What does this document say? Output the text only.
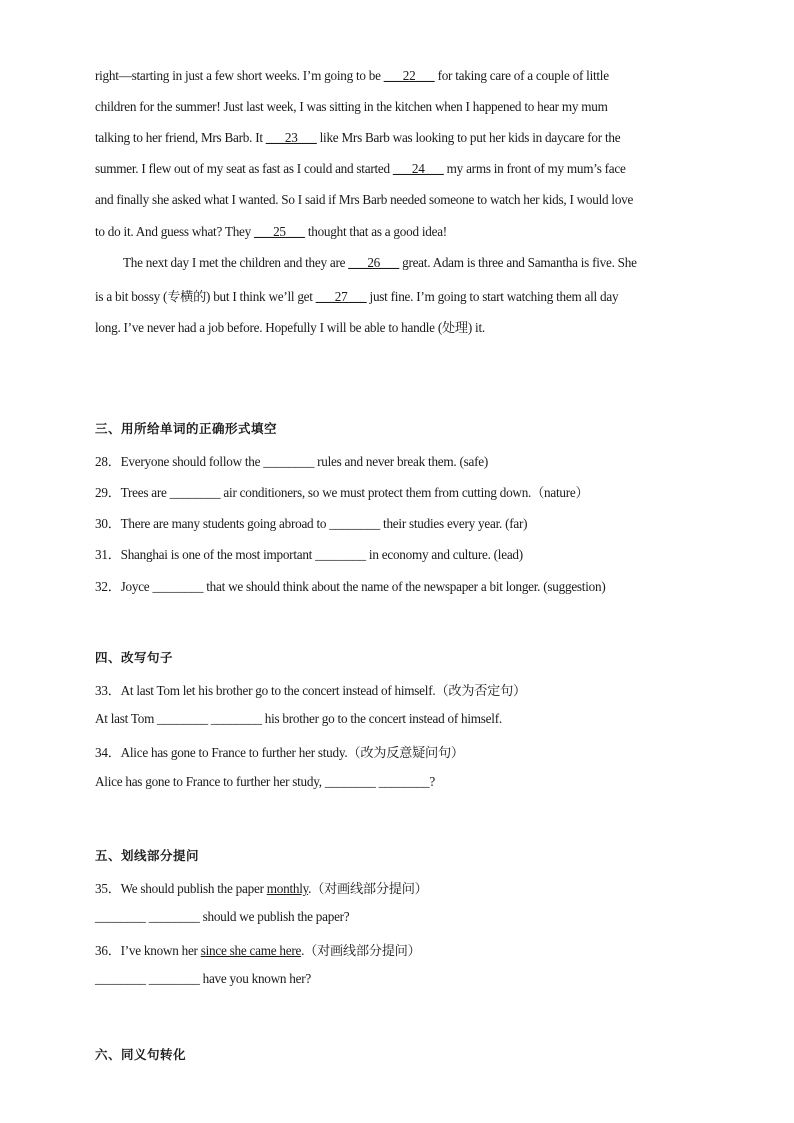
right—starting in just a few short weeks. I’m going to be ___22___ for taking care of a couple of little
children for the summer! Just last week, I was sitting in the kitchen when I happened to hear my mum
talking to her friend, Mrs Barb. It ___23___ like Mrs Barb was looking to put her kids in daycare for the
summer. I flew out of my seat as fast as I could and started ___24___ my arms in front of my mum’s face
and finally she asked what I wanted. So I said if Mrs Barb needed someone to watch her kids, I would love
to do it. And guess what? They ___25___ thought that as a good idea!
The next day I met the children and they are ___26___ great. Adam is three and Samantha is five. She
is a bit bossy (专横的) but I think we’ll get ___27___ just fine. I’m going to start watching them all day
long. I’ve never had a job before. Hopefully I will be able to handle (处理) it.
三、用所给单词的正确形式填空
28．Everyone should follow the ________ rules and never break them. (safe)
29．Trees are ________ air conditioners, so we must protect them from cutting down.（nature）
30．There are many students going abroad to ________ their studies every year. (far)
31．Shanghai is one of the most important ________ in economy and culture. (lead)
32．Joyce ________ that we should think about the name of the newspaper a bit longer. (suggestion)
四、改写句子
33．At last Tom let his brother go to the concert instead of himself.（改为否定句）
At last Tom ________ ________ his brother go to the concert instead of himself.
34．Alice has gone to France to further her study.（改为反意疑问句）
Alice has gone to France to further her study, ________ ________?
五、划线部分提问
35．We should publish the paper monthly.（对画线部分提问）
________ ________ should we publish the paper?
36．I’ve known her since she came here.（对画线部分提问）
________ ________ have you known her?
六、同义句转化
